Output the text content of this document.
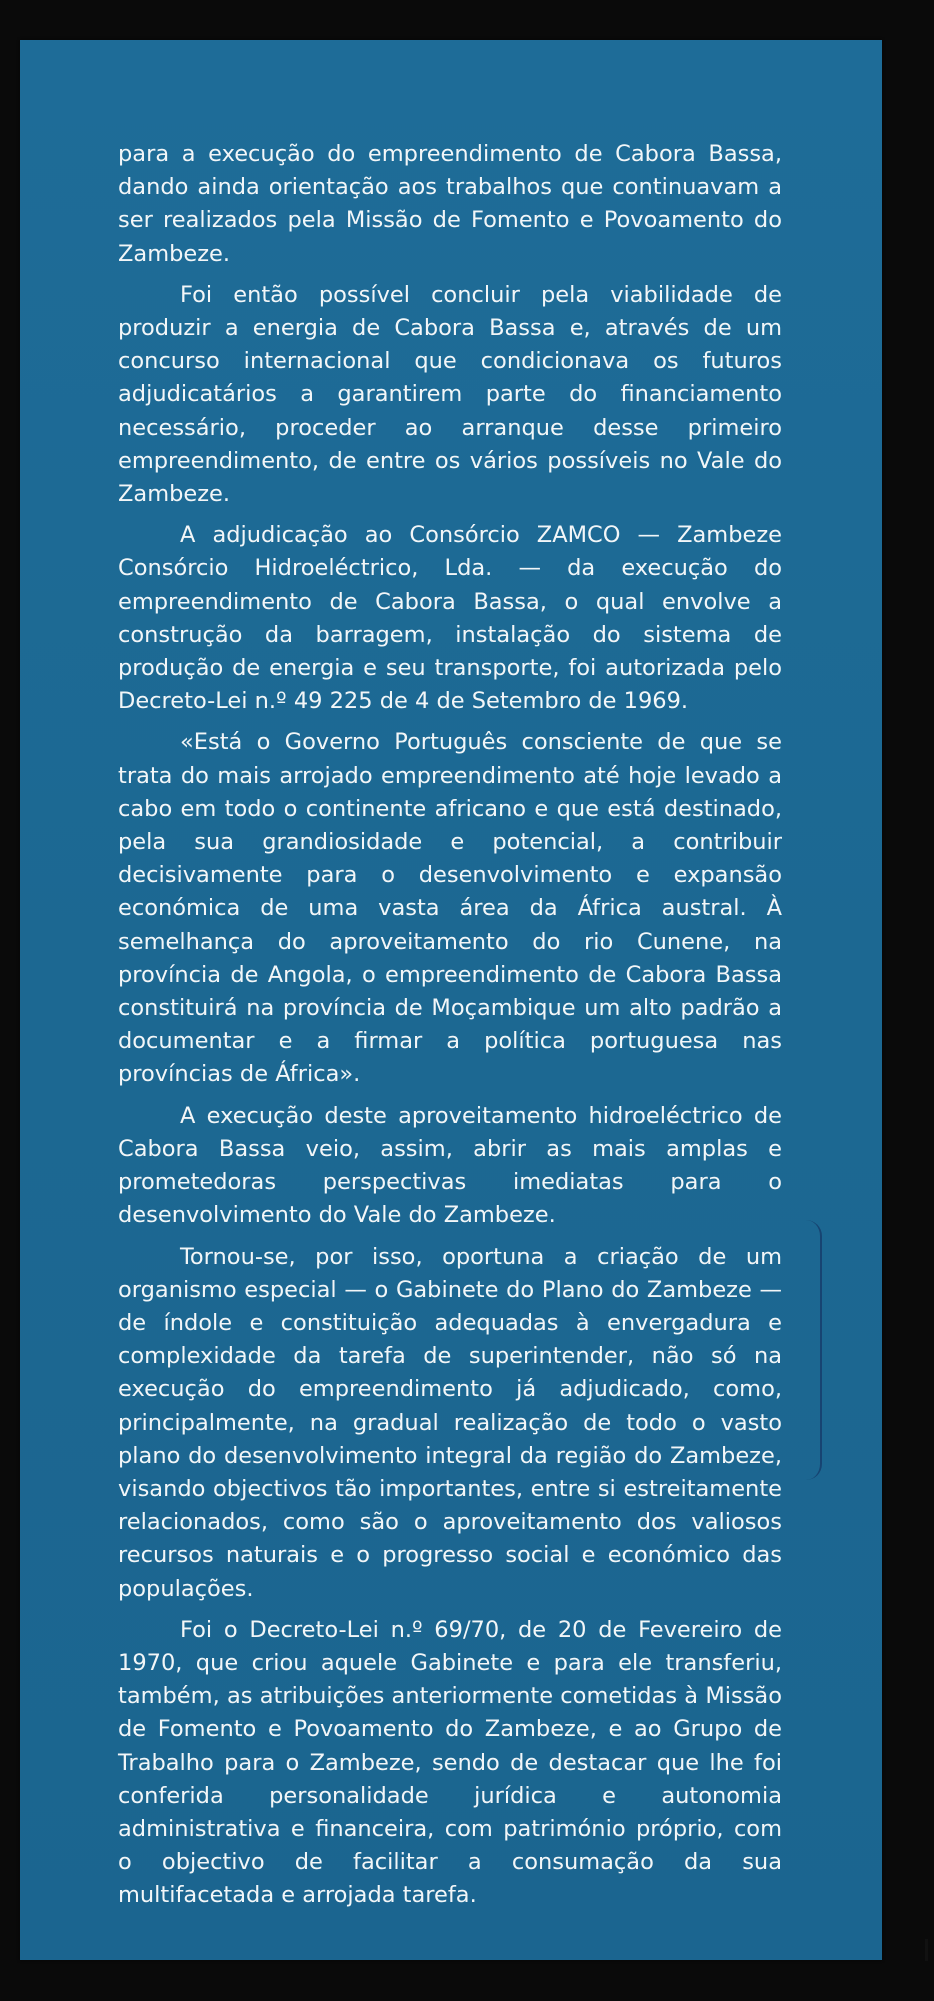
para a execução do empreendimento de Cabora Bassa, dando ainda orientação aos trabalhos que continuavam a ser realizados pela Missão de Fomento e Povoamento do Zambeze.

Foi então possível concluir pela viabilidade de produzir a energia de Cabora Bassa e, através de um concurso internacional que condicionava os futuros adjudicatários a garantirem parte do financiamento necessário, proceder ao arranque desse primeiro empreendimento, de entre os vários possíveis no Vale do Zambeze.

A adjudicação ao Consórcio ZAMCO — Zambeze Consórcio Hidroeléctrico, Lda. — da execução do empreendimento de Cabora Bassa, o qual envolve a construção da barragem, instalação do sistema de produção de energia e seu transporte, foi autorizada pelo Decreto-Lei n.º 49 225 de 4 de Setembro de 1969.

«Está o Governo Português consciente de que se trata do mais arrojado empreendimento até hoje levado a cabo em todo o continente africano e que está destinado, pela sua grandiosidade e potencial, a contribuir decisivamente para o desenvolvimento e expansão económica de uma vasta área da África austral. À semelhança do aproveitamento do rio Cunene, na província de Angola, o empreendimento de Cabora Bassa constituirá na província de Moçambique um alto padrão a documentar e a firmar a política portuguesa nas províncias de África».

A execução deste aproveitamento hidroeléctrico de Cabora Bassa veio, assim, abrir as mais amplas e prometedoras perspectivas imediatas para o desenvolvimento do Vale do Zambeze.

Tornou-se, por isso, oportuna a criação de um organismo especial — o Gabinete do Plano do Zambeze — de índole e constituição adequadas à envergadura e complexidade da tarefa de superintender, não só na execução do empreendimento já adjudicado, como, principalmente, na gradual realização de todo o vasto plano do desenvolvimento integral da região do Zambeze, visando objectivos tão importantes, entre si estreitamente relacionados, como são o aproveitamento dos valiosos recursos naturais e o progresso social e económico das populações.

Foi o Decreto-Lei n.º 69/70, de 20 de Fevereiro de 1970, que criou aquele Gabinete e para ele transferiu, também, as atribuições anteriormente cometidas à Missão de Fomento e Povoamento do Zambeze, e ao Grupo de Trabalho para o Zambeze, sendo de destacar que lhe foi conferida personalidade jurídica e autonomia administrativa e financeira, com património próprio, com o objectivo de facilitar a consumação da sua multifacetada e arrojada tarefa.
